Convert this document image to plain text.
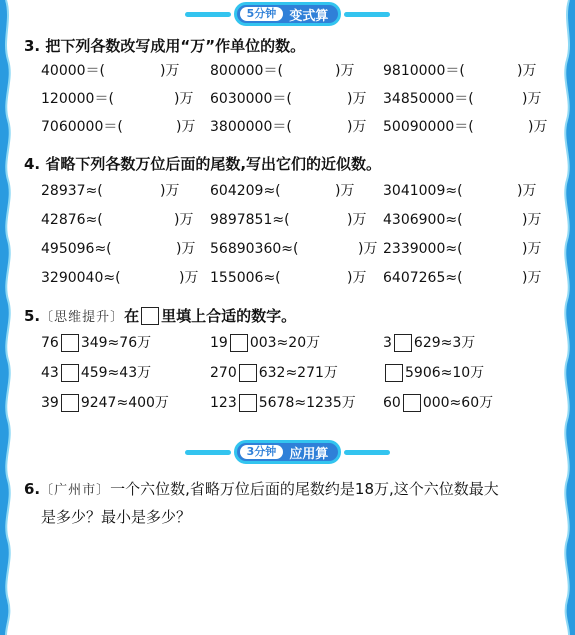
5分钟	变式算
3. 把下列各数改写成用“万”作单位的数。
4. 省略下列各数万位后面的尾数,写出它们的近似数。
5. 〔思维提升〕 在 里填上合适的数字。
3分钟	应用算
6. 〔广州市〕 一个六位数,省略万位后面的尾数约是18万,这个六位数最大
是多少？最小是多少？
40000＝(	)万 800000＝(	)万 9810000＝(	)万
120000＝(	)万 6030000＝(	)万 34850000＝(	)万
7060000＝(	)万 3800000＝(	)万 50090000＝(	)万
28937≈(	)万 604209≈(	)万 3041009≈(	)万
42876≈(	)万 9897851≈(	)万 4306900≈(	)万
495096≈(	)万 56890360≈(	)万 2339000≈(	)万
3290040≈(	)万 155006≈(	)万 6407265≈(	)万
76 349≈76万	19 003≈20万	3 629≈3万
43 459≈43万	270 632≈271万	5906≈10万
39 9247≈400万	123 5678≈1235万 60 000≈60万
